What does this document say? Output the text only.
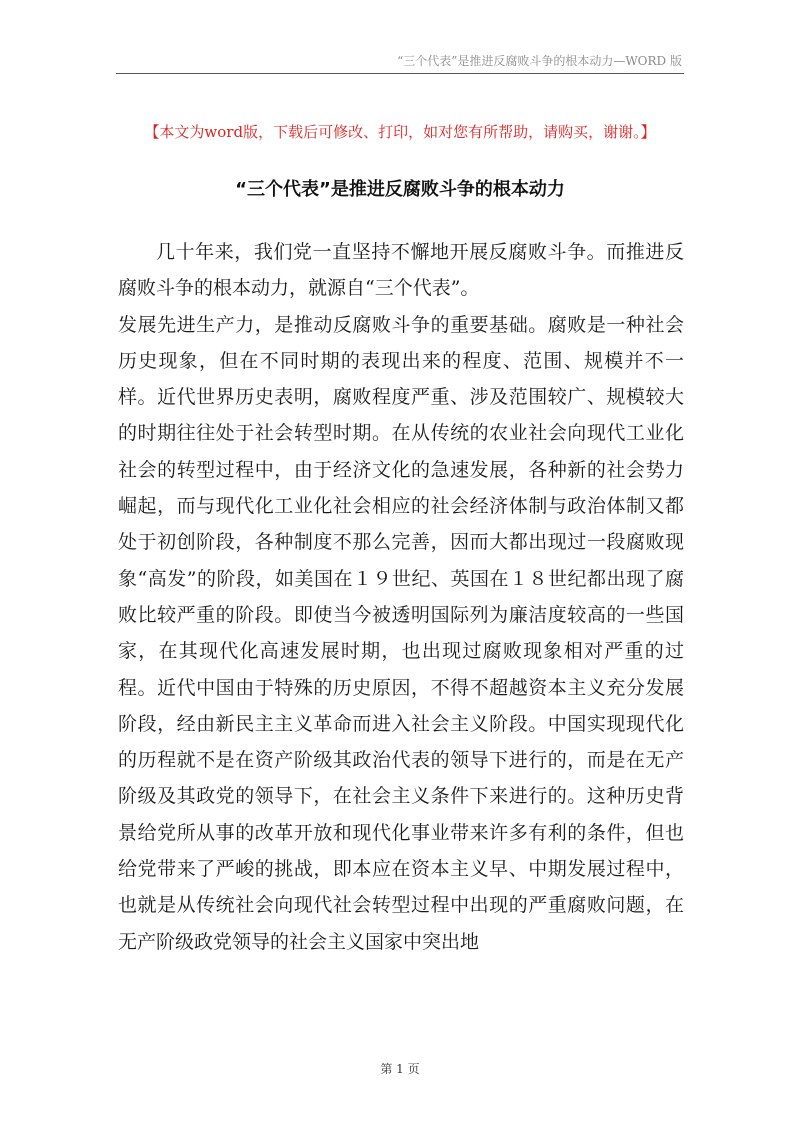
“三个代表”是推进反腐败斗争的根本动力—WORD 版
【本文为word版，下载后可修改、打印，如对您有所帮助，请购买，谢谢。】
“三个代表”是推进反腐败斗争的根本动力

几十年来，我们党一直坚持不懈地开展反腐败斗争。而推进反腐败斗争的根本动力，就源自“三个代表”。

发展先进生产力，是推动反腐败斗争的重要基础。腐败是一种社会历史现象，但在不同时期的表现出来的程度、范围、规模并不一样。近代世界历史表明，腐败程度严重、涉及范围较广、规模较大的时期往往处于社会转型时期。在从传统的农业社会向现代工业化社会的转型过程中，由于经济文化的急速发展，各种新的社会势力崛起，而与现代化工业化社会相应的社会经济体制与政治体制又都处于初创阶段，各种制度不那么完善，因而大都出现过一段腐败现象“高发”的阶段，如美国在１９世纪、英国在１８世纪都出现了腐败比较严重的阶段。即使当今被透明国际列为廉洁度较高的一些国家，在其现代化高速发展时期，也出现过腐败现象相对严重的过程。近代中国由于特殊的历史原因，不得不超越资本主义充分发展阶段，经由新民主主义革命而进入社会主义阶段。中国实现现代化的历程就不是在资产阶级其政治代表的领导下进行的，而是在无产阶级及其政党的领导下，在社会主义条件下来进行的。这种历史背景给党所从事的改革开放和现代化事业带来许多有利的条件，但也给党带来了严峻的挑战，即本应在资本主义早、中期发展过程中，也就是从传统社会向现代社会转型过程中出现的严重腐败问题，在无产阶级政党领导的社会主义国家中突出地

第 1 页
